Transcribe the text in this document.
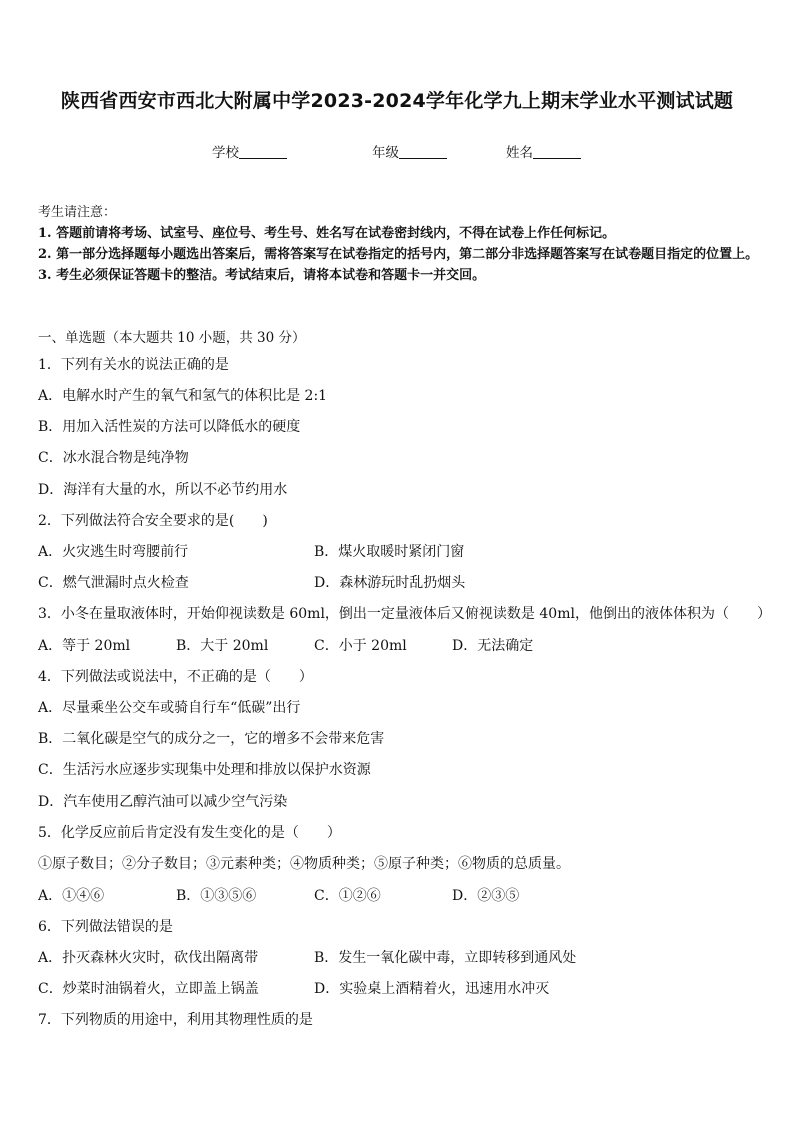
陕西省西安市西北大附属中学2023-2024学年化学九上期末学业水平测试试题
学校	年级	姓名
考生请注意：
1. 答题前请将考场、试室号、座位号、考生号、姓名写在试卷密封线内，不得在试卷上作任何标记。
2. 第一部分选择题每小题选出答案后，需将答案写在试卷指定的括号内，第二部分非选择题答案写在试卷题目指定的位置上。
3. 考生必须保证答题卡的整洁。考试结束后，请将本试卷和答题卡一并交回。
一、单选题（本大题共 10 小题，共 30 分）
1．下列有关水的说法正确的是
A．电解水时产生的氧气和氢气的体积比是 2:1
B．用加入活性炭的方法可以降低水的硬度
C．冰水混合物是纯净物
D．海洋有大量的水，所以不必节约用水
2．下列做法符合安全要求的是(　　)
A．火灾逃生时弯腰前行	B．煤火取暖时紧闭门窗
C．燃气泄漏时点火检查	D．森林游玩时乱扔烟头
3．小冬在量取液体时，开始仰视读数是 60ml，倒出一定量液体后又俯视读数是 40ml，他倒出的液体体积为（　　）
A．等于 20ml	B．大于 20ml	C．小于 20ml	D．无法确定
4．下列做法或说法中，不正确的是（　　）
A．尽量乘坐公交车或骑自行车“低碳”出行
B．二氧化碳是空气的成分之一，它的增多不会带来危害
C．生活污水应逐步实现集中处理和排放以保护水资源
D．汽车使用乙醇汽油可以减少空气污染
5．化学反应前后肯定没有发生变化的是（　　）
①原子数目；②分子数目；③元素种类；④物质种类；⑤原子种类；⑥物质的总质量。
A．①④⑥	B．①③⑤⑥	C．①②⑥	D．②③⑤
6．下列做法错误的是
A．扑灭森林火灾时，砍伐出隔离带	B．发生一氧化碳中毒，立即转移到通风处
C．炒菜时油锅着火，立即盖上锅盖	D．实验桌上酒精着火，迅速用水冲灭
7．下列物质的用途中，利用其物理性质的是
